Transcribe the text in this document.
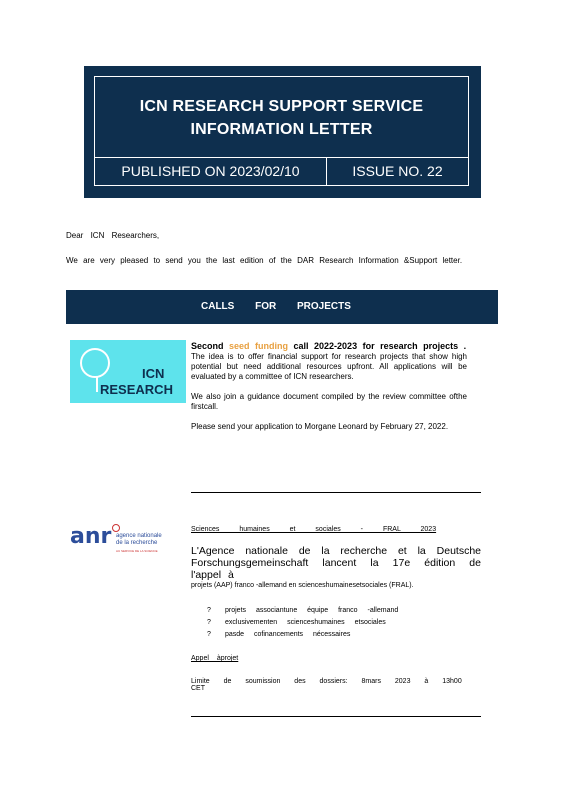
ICN RESEARCH SUPPORT SERVICE
INFORMATION LETTER
PUBLISHED ON 2023/02/10	ISSUE NO. 22
Dear ICN Researchers,
We are very pleased to send you the last edition of the DAR Research Information &Support letter.
CALLS FOR PROJECTS
ICN
RESEARCH
Second seed funding call 2022-2023 for research projects .

The idea is to offer financial support for research projects that show high potential but need additional resources upfront. All applications will be evaluated by a committee of ICN researchers.

We also join a guidance document compiled by the review committee ofthe firstcall.

Please send your application to Morgane Leonard by February 27, 2022.

anr agence nationale
de la recherche
AU SERVICE DE LA SCIENCE
Sciences humaines et sociales - FRAL 2023
L'Agence nationale de la recherche et la Deutsche Forschungsgemeinschaft lancent la 17e édition de l'appel à

projets (AAP) franco -allemand en scienceshumainesetsociales (FRAL).

? projets associantune équipe franco -allemand
? exclusivementen scienceshumaines etsociales
? pasde cofinancements nécessaires
Appel àprojet
Limite de soumission des dossiers: 8mars 2023 à 13h00 CET
